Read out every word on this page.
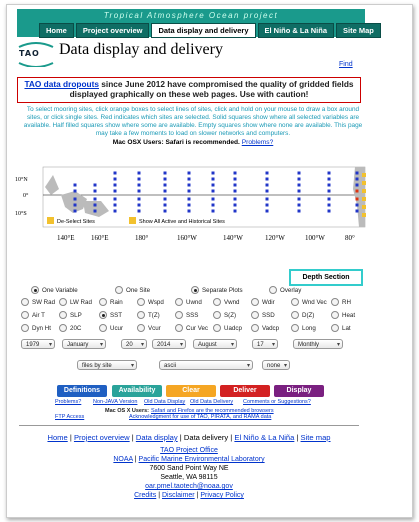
Tropical Atmosphere Ocean project
Home	Project overview	Data display and delivery	El Niño & La Niña	Site Map
TAO Data display and delivery
Find
TAO data dropouts since June 2012 have compromised the quality of gridded fields displayed graphically on these web pages. Use with caution!
To select mooring sites, click orange boxes to select lines of sites, click and hold on your mouse to draw a box around sites, or click single sites. Red indicates which sites are selected. Solid squares show where all selected variables are available. Half filled squares show where some are available. Empty squares show where none are available. This page may take a few moments to load on slower networks and computers.
Mac OSX Users: Safari is recommended. Problems?
10°N
0°
10°S
De-Select Sites	Show All Active and Historical Sites
140°E 160°E	180°	160°W	140°W	120°W	100°W	80°
Depth Section
One Variable	One Site	Separate Plots	Overlay
SW Rad LW Rad	Rain	Wspd	Uwnd	Vwnd	Wdir	Wnd Vec RH
Air T	SLP	SST	T(Z)	SSS	S(Z)	SSD	D(Z)	Heat
Dyn Ht	20C	Ucur	Vcur	Cur Vec	Uadcp	Vadcp	Long	Lat
1979 ▾	January ▾	20 ▾	2014 ▾	August ▾	17 ▾	Monthly ▾
files by site ▾	ascii ▾	none ▾
Definitions	Availability	Clear	Deliver	Display
Problems? Non-JAVA Version Old Data Display Old Data Delivery Comments or Suggestions?
FTP Access
Mac OS X Users: Safari and Firefox are the recommended browsers
Acknowledgment for use of TAO, PIRATA, and RAMA data
Home | Project overview | Data display | Data delivery | El Niño & La Niña | Site map
TAO Project Office
NOAA | Pacific Marine Environmental Laboratory
7600 Sand Point Way NE
Seattle, WA 98115
oar.pmel.taotech@noaa.gov
Credits | Disclaimer | Privacy Policy
